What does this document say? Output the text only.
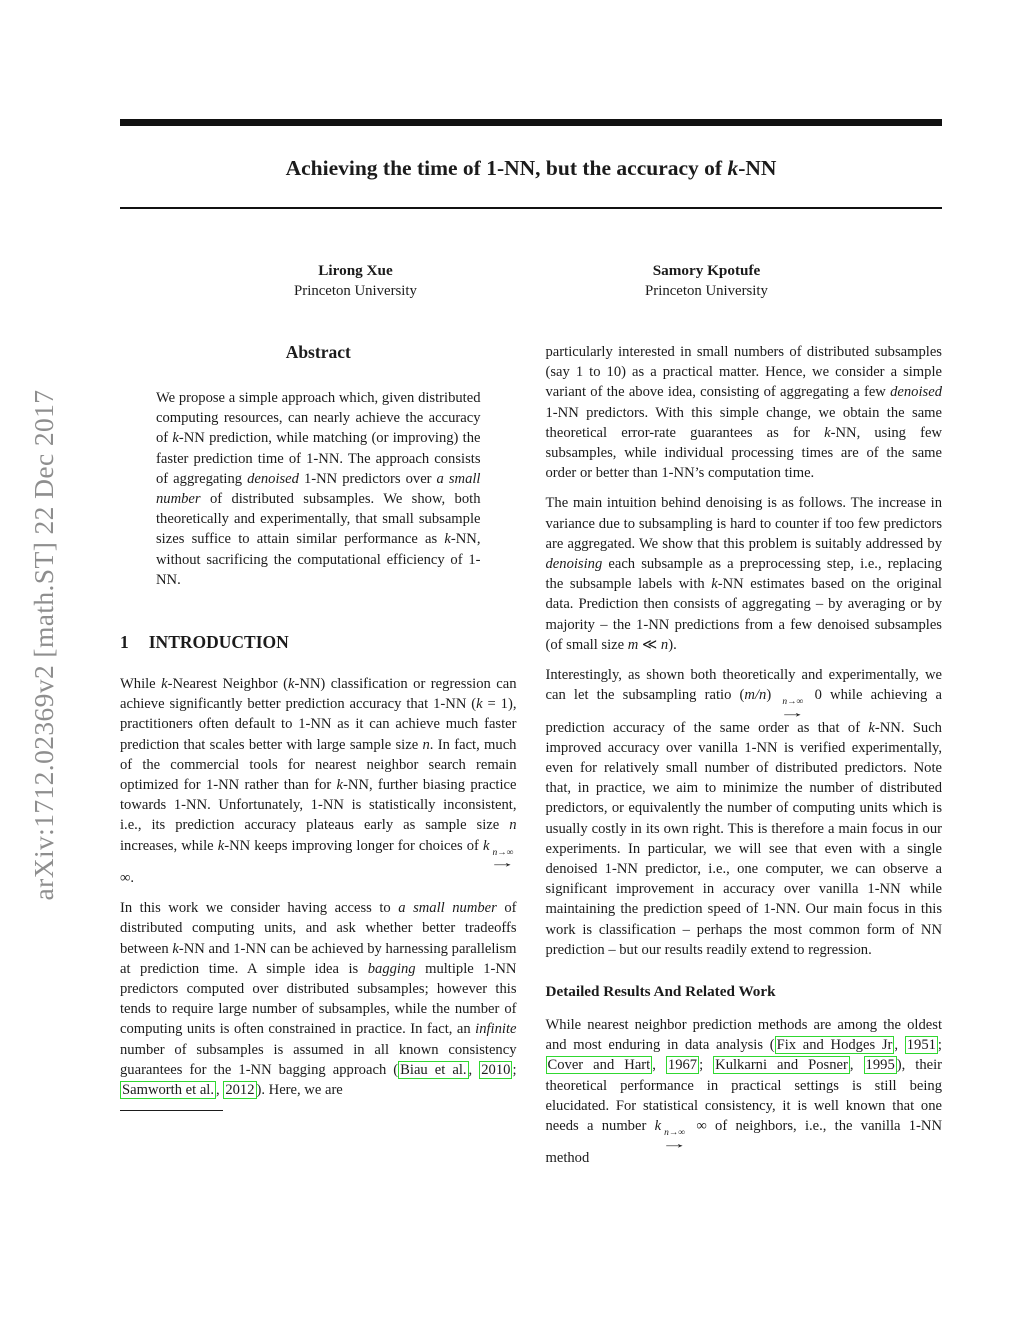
arXiv:1712.02369v2 [math.ST] 22 Dec 2017
Achieving the time of 1-NN, but the accuracy of k-NN
Lirong Xue
Princeton University
Samory Kpotufe
Princeton University
Abstract
We propose a simple approach which, given distributed computing resources, can nearly achieve the accuracy of k-NN prediction, while matching (or improving) the faster prediction time of 1-NN. The approach consists of aggregating denoised 1-NN predictors over a small number of distributed subsamples. We show, both theoretically and experimentally, that small subsample sizes suffice to attain similar performance as k-NN, without sacrificing the computational efficiency of 1-NN.
1 INTRODUCTION
While k-Nearest Neighbor (k-NN) classification or regression can achieve significantly better prediction accuracy that 1-NN (k = 1), practitioners often default to 1-NN as it can achieve much faster prediction that scales better with large sample size n. In fact, much of the commercial tools for nearest neighbor search remain optimized for 1-NN rather than for k-NN, further biasing practice towards 1-NN. Unfortunately, 1-NN is statistically inconsistent, i.e., its prediction accuracy plateaus early as sample size n increases, while k-NN keeps improving longer for choices of k n→∞
→
∞.
In this work we consider having access to a small number of distributed computing units, and ask whether better tradeoffs between k-NN and 1-NN can be achieved by harnessing parallelism at prediction time. A simple idea is bagging multiple 1-NN predictors computed over distributed subsamples; however this tends to require large number of subsamples, while the number of computing units is often constrained in practice. In fact, an infinite number of subsamples is assumed in all known consistency guarantees for the 1-NN bagging approach ( Biau et al. , 2010 ; Samworth et al. , 2012 ). Here, we are
particularly interested in small numbers of distributed subsamples (say 1 to 10) as a practical matter. Hence, we consider a simple variant of the above idea, consisting of aggregating a few denoised 1-NN predictors. With this simple change, we obtain the same theoretical error-rate guarantees as for k-NN, using few subsamples, while individual processing times are of the same order or better than 1-NN’s computation time.
The main intuition behind denoising is as follows. The increase in variance due to subsampling is hard to counter if too few predictors are aggregated. We show that this problem is suitably addressed by denoising each subsample as a preprocessing step, i.e., replacing the subsample labels with k-NN estimates based on the original data. Prediction then consists of aggregating – by averaging or by majority – the 1-NN predictions from a few denoised subsamples (of small size m ≪ n).
Interestingly, as shown both theoretically and experimentally, we can let the subsampling ratio (m/n) n→∞
→
0 while achieving a prediction accuracy of the same order as that of k-NN. Such improved accuracy over vanilla 1-NN is verified experimentally, even for relatively small number of distributed predictors. Note that, in practice, we aim to minimize the number of distributed predictors, or equivalently the number of computing units which is usually costly in its own right. This is therefore a main focus in our experiments. In particular, we will see that even with a single denoised 1-NN predictor, i.e., one computer, we can observe a significant improvement in accuracy over vanilla 1-NN while maintaining the prediction speed of 1-NN. Our main focus in this work is classification – perhaps the most common form of NN prediction – but our results readily extend to regression.
Detailed Results And Related Work
While nearest neighbor prediction methods are among the oldest and most enduring in data analysis ( Fix and Hodges Jr , 1951 ; Cover and Hart , 1967 ; Kulkarni and Posner , 1995 ), their theoretical performance in practical settings is still being elucidated. For statistical consistency, it is well known that one needs a number k n→∞
→
∞ of neighbors, i.e., the vanilla 1-NN method
